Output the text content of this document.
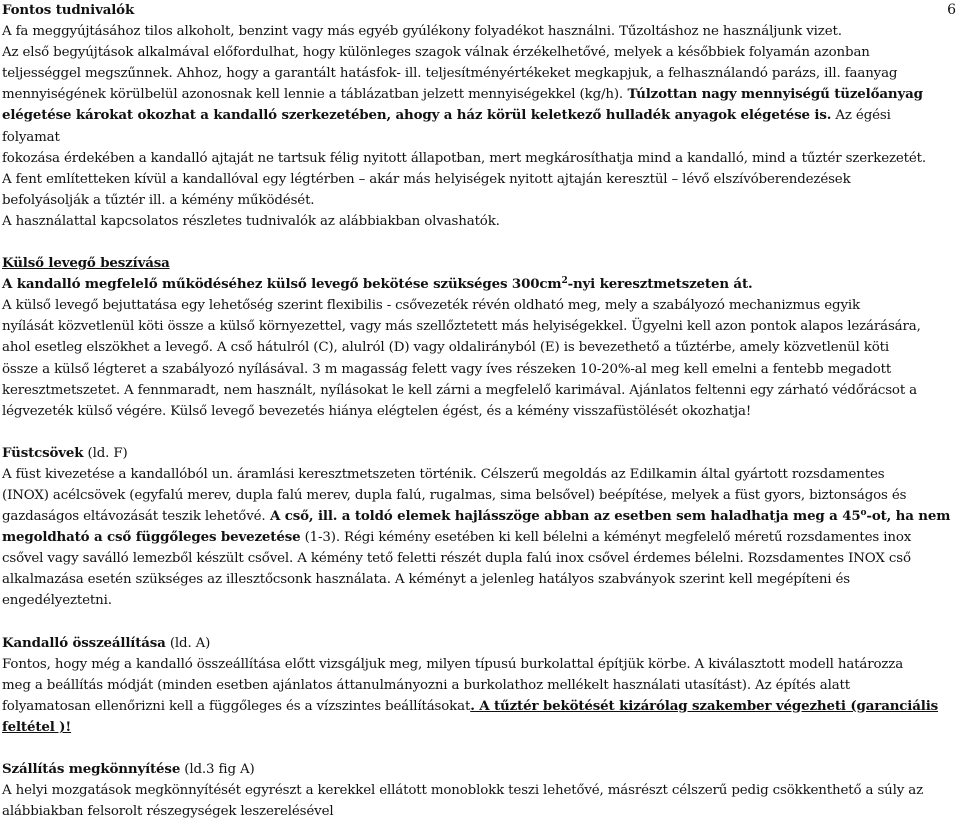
6

Fontos tudnivalók

A fa meggyújtásához tilos alkoholt, benzint vagy más egyéb gyúlékony folyadékot használni. Tűzoltáshoz ne használjunk vizet.

Az első begyújtások alkalmával előfordulhat, hogy különleges szagok válnak érzékelhetővé, melyek a későbbiek folyamán azonban

teljességgel megszűnnek. Ahhoz, hogy a garantált hatásfok- ill. teljesítményértékeket megkapjuk, a felhasználandó parázs, ill. faanyag

mennyiségének körülbelül azonosnak kell lennie a táblázatban jelzett mennyiségekkel (kg/h). Túlzottan nagy mennyiségű tüzelőanyag

elégetése károkat okozhat a kandalló szerkezetében, ahogy a ház körül keletkező hulladék anyagok elégetése is. Az égési folyamat

fokozása érdekében a kandalló ajtaját ne tartsuk félig nyitott állapotban, mert megkárosíthatja mind a kandalló, mind a tűztér szerkezetét.

A fent említetteken kívül a kandallóval egy légtérben – akár más helyiségek nyitott ajtaján keresztül – lévő elszívóberendezések

befolyásolják a tűztér ill. a kémény működését.

A használattal kapcsolatos részletes tudnivalók az alábbiakban olvashatók.

Külső levegő beszívása

A kandalló megfelelő működéséhez külső levegő bekötése szükséges $300cm^2$-nyi keresztmetszeten át.

A külső levegő bejuttatása egy lehetőség szerint flexibilis - csővezeték révén oldható meg, mely a szabályozó mechanizmus egyik

nyílását közvetlenül köti össze a külső környezettel, vagy más szellőztetett más helyiségekkel. Ügyelni kell azon pontok alapos lezárására,

ahol esetleg elszökhet a levegő. A cső hátulról (C), alulról (D) vagy oldalirányból (E) is bevezethető a tűztérbe, amely közvetlenül köti

össze a külső légteret a szabályozó nyílásával. 3 m magasság felett vagy íves részeken 10-20%-al meg kell emelni a fentebb megadott

keresztmetszetet. A fennmaradt, nem használt, nyílásokat le kell zárni a megfelelő karimával. Ajánlatos feltenni egy zárható védőrácsot a

légvezeték külső végére. Külső levegő bevezetés hiánya elégtelen égést, és a kémény visszafüstölését okozhatja!

Füstcsövek (ld. F)

A füst kivezetése a kandallóból un. áramlási keresztmetszeten történik. Célszerű megoldás az Edilkamin által gyártott rozsdamentes

(INOX) acélcsövek (egyfalú merev, dupla falú merev, dupla falú, rugalmas, sima belsővel) beépítése, melyek a füst gyors, biztonságos és

gazdaságos eltávozását teszik lehetővé. A cső, ill. a toldó elemek hajlásszöge abban az esetben sem haladhatja meg a 45$^o$-ot, ha nem

megoldható a cső függőleges bevezetése (1-3). Régi kémény esetében ki kell bélelni a kéményt megfelelő méretű rozsdamentes inox

csővel vagy saválló lemezből készült csővel. A kémény tető feletti részét dupla falú inox csővel érdemes bélelni. Rozsdamentes INOX cső

alkalmazása esetén szükséges az illesztőcsonk használata. A kéményt a jelenleg hatályos szabványok szerint kell megépíteni és

engedélyeztetni.

Kandalló összeállítása (ld. A)

Fontos, hogy még a kandalló összeállítása előtt vizsgáljuk meg, milyen típusú burkolattal építjük körbe. A kiválasztott modell határozza

meg a beállítás módját (minden esetben ajánlatos áttanulmányozni a burkolathoz mellékelt használati utasítást). Az építés alatt

folyamatosan ellenőrizni kell a függőleges és a vízszintes beállításokat. A tűztér bekötését kizárólag szakember végezheti (garanciális

feltétel )!

Szállítás megkönnyítése (ld.3 fig A)

A helyi mozgatások megkönnyítését egyrészt a kerekkel ellátott monoblokk teszi lehetővé, másrészt célszerű pedig csökkenthető a súly az

alábbiakban felsorolt részegységek leszerelésével
